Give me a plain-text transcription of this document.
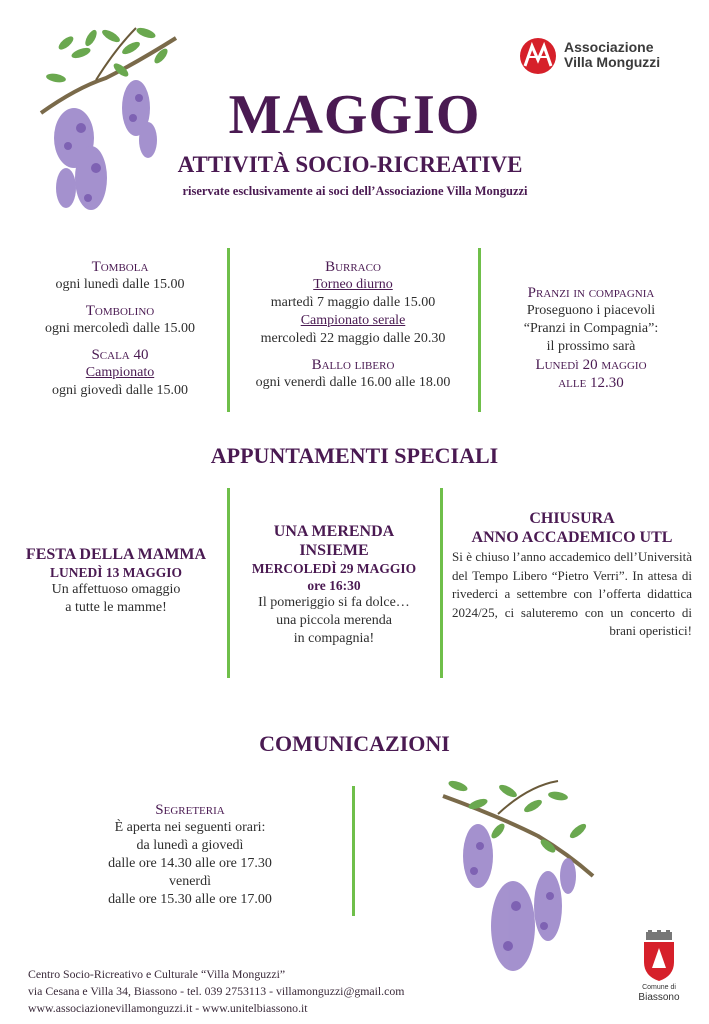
Associazione
Villa Monguzzi
MAGGIO
ATTIVITÀ SOCIO-RICREATIVE
riservate esclusivamente ai soci dell’Associazione Villa Monguzzi
Tombola
ogni lunedì dalle 15.00
Tombolino
ogni mercoledì dalle 15.00
Scala 40
Campionato
ogni giovedì dalle 15.00
Burraco
Torneo diurno
martedì 7 maggio dalle 15.00
Campionato serale
mercoledì 22 maggio dalle 20.30
Ballo libero
ogni venerdì dalle 16.00 alle 18.00
Pranzi in compagnia
Proseguono i piacevoli
“Pranzi in Compagnia”:
il prossimo sarà
Lunedì 20 maggio
alle 12.30
APPUNTAMENTI SPECIALI
FESTA DELLA MAMMA
LUNEDÌ 13 MAGGIO
Un affettuoso omaggio
a tutte le mamme!
UNA MERENDA
INSIEME
MERCOLEDÌ 29 MAGGIO
ore 16:30
Il pomeriggio si fa dolce…
una piccola merenda
in compagnia!
CHIUSURA
ANNO ACCADEMICO UTL
Si è chiuso l’anno accademico dell’Università del Tempo Libero “Pietro Verri”. In attesa di rivederci a settembre con l’offerta didattica 2024/25, ci saluteremo con un concerto di brani operistici!
COMUNICAZIONI
Segreteria
È aperta nei seguenti orari:
da lunedì a giovedì
dalle ore 14.30 alle ore 17.30
venerdì
dalle ore 15.30 alle ore 17.00
Centro Socio-Ricreativo e Culturale “Villa Monguzzi”
via Cesana e Villa 34, Biassono - tel. 039 2753113 - villamonguzzi@gmail.com
www.associazionevillamonguzzi.it - www.unitelbiassono.it
Comune di
Biassono
